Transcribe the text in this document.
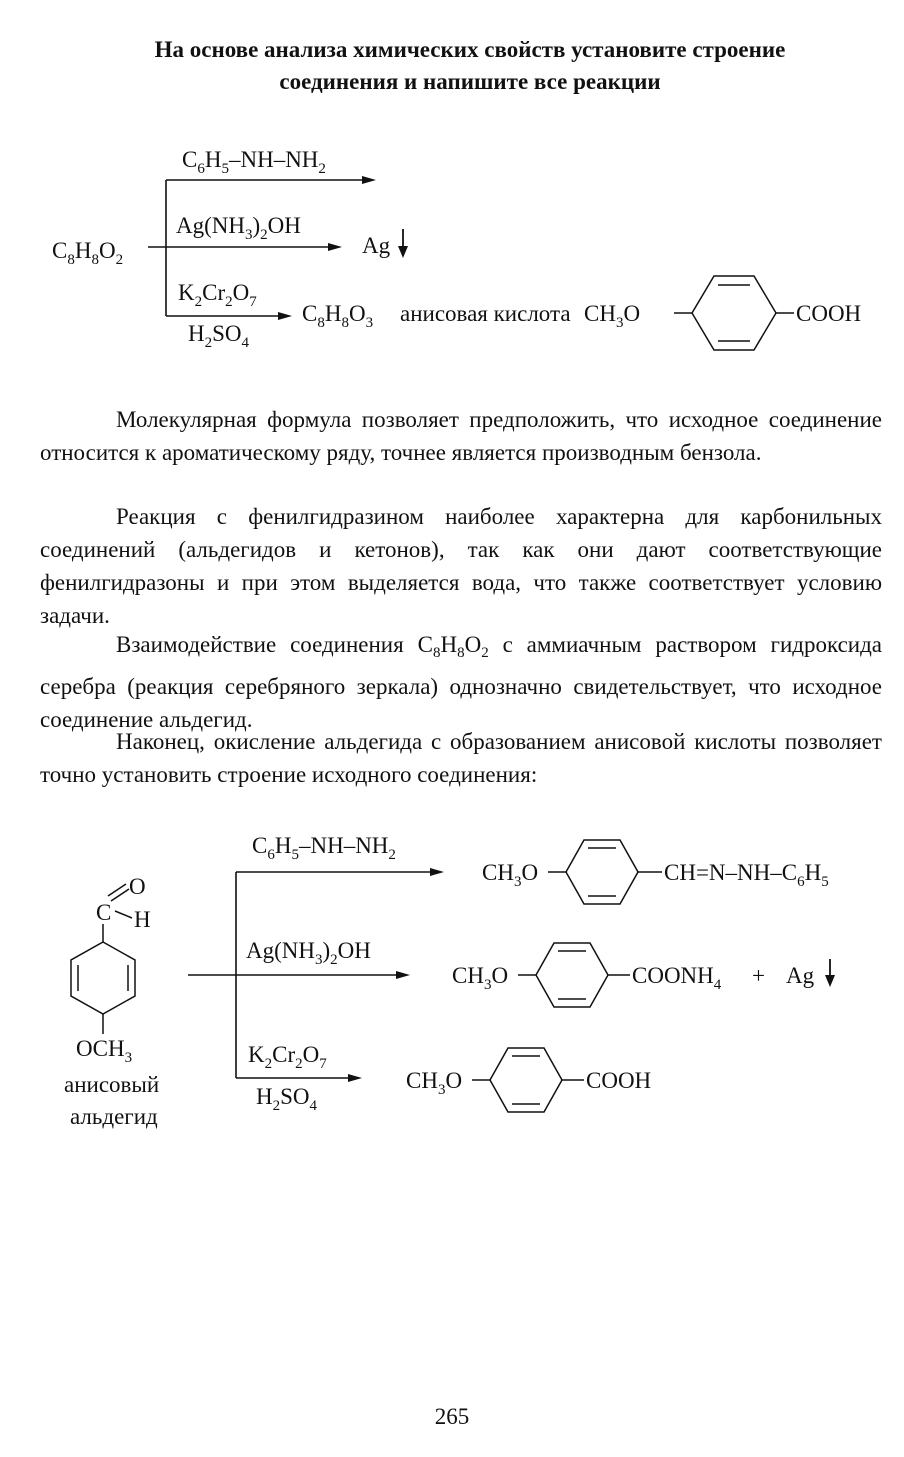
На основе анализа химических свойств установите строение
соединения и напишите все реакции
$C_8H_8O_2$
$C_6H_5-NH-NH_2$
$Ag(NH_3)_2OH$
Ag
$K_2Cr_2O_7$
$H_2SO_4$
$C_8H_8O_3$ анисовая кислота $CH_3O$	COOH

Молекулярная формула позволяет предположить, что исходное соединение относится к ароматическому ряду, точнее является производным бензола.

Реакция с фенилгидразином наиболее характерна для карбонильных соединений (альдегидов и кетонов), так как они дают соответствующие фенилгидразоны и при этом выделяется вода, что также соответствует условию задачи.

Взаимодействие соединения $C_8H_8O_2$ с аммиачным раствором гидроксида серебра (реакция серебряного зеркала) однозначно свидетельствует, что исходное соединение альдегид.

Наконец, окисление альдегида с образованием анисовой кислоты позволяет точно установить строение исходного соединения:

C
O
H
$OCH_3$
анисовый
альдегид
$C_6H_5-NH-NH_2$
$CH_3O$	$CH=N-NH-C_6H_5$
$Ag(NH_3)_2OH$
$CH_3O$	$COONH_4 + Ag$
$K_2Cr_2O_7$
$H_2SO_4$
$CH_3O$	COOH
265
